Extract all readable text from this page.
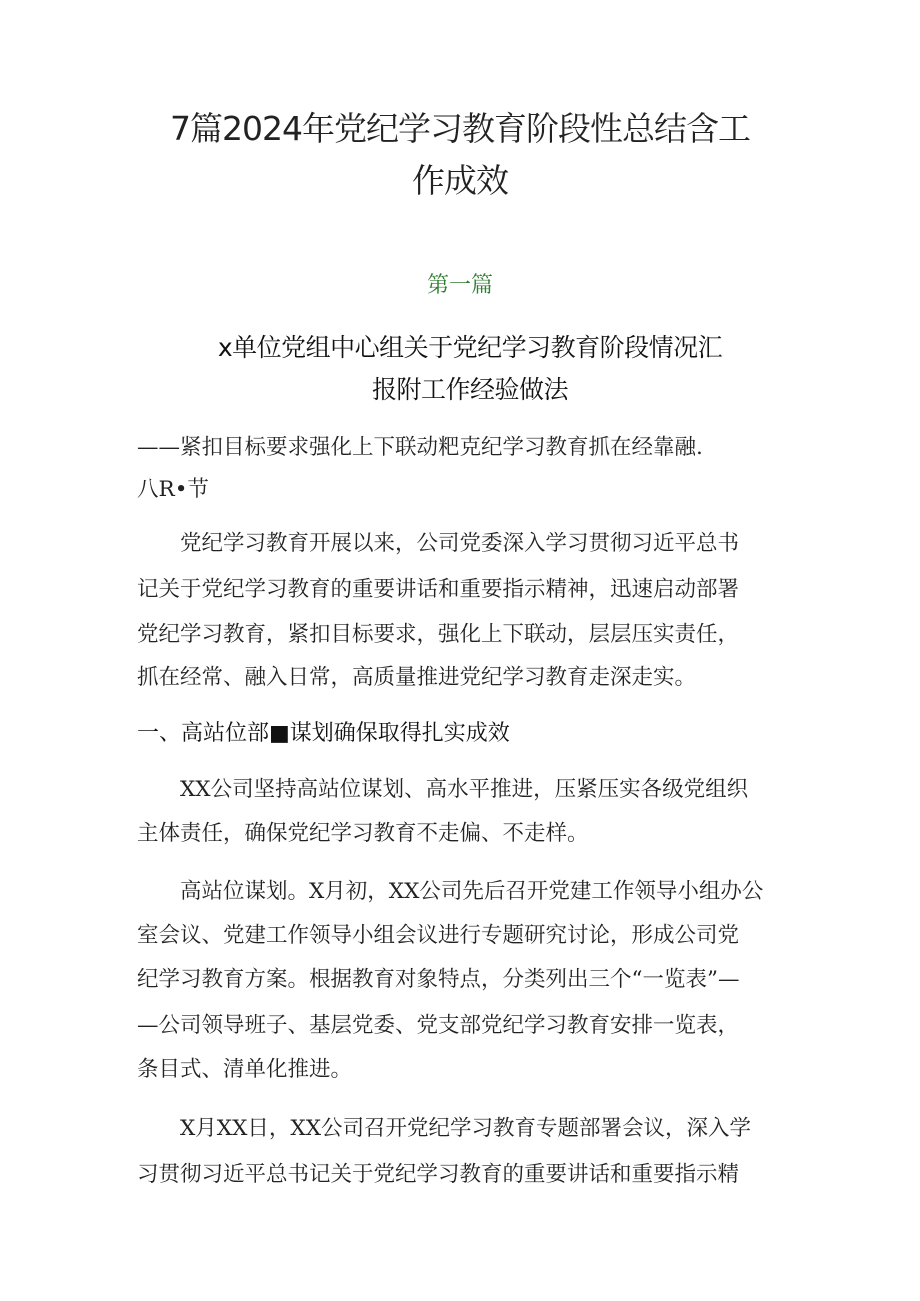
7篇2024年党纪学习教育阶段性总结含工
作成效
第一篇
x单位党组中心组关于党纪学习教育阶段情况汇
报附工作经验做法

——紧扣目标要求强化上下联动粑克纪学习教育抓在经靠融.

八R•节

　　党纪学习教育开展以来，公司党委深入学习贯彻习近平总书

记关于党纪学习教育的重要讲话和重要指示精神，迅速启动部署

党纪学习教育，紧扣目标要求，强化上下联动，层层压实责任，

抓在经常、融入日常，高质量推进党纪学习教育走深走实。

一、高站位部■谋划确保取得扎实成效

　　XX公司坚持高站位谋划、高水平推进，压紧压实各级党组织

主体责任，确保党纪学习教育不走偏、不走样。

　　高站位谋划。X月初，XX公司先后召开党建工作领导小组办公

室会议、党建工作领导小组会议进行专题研究讨论，形成公司党

纪学习教育方案。根据教育对象特点，分类列出三个“一览表”—

—公司领导班子、基层党委、党支部党纪学习教育安排一览表，

条目式、清单化推进。

　　X月XX日，XX公司召开党纪学习教育专题部署会议，深入学

习贯彻习近平总书记关于党纪学习教育的重要讲话和重要指示精
